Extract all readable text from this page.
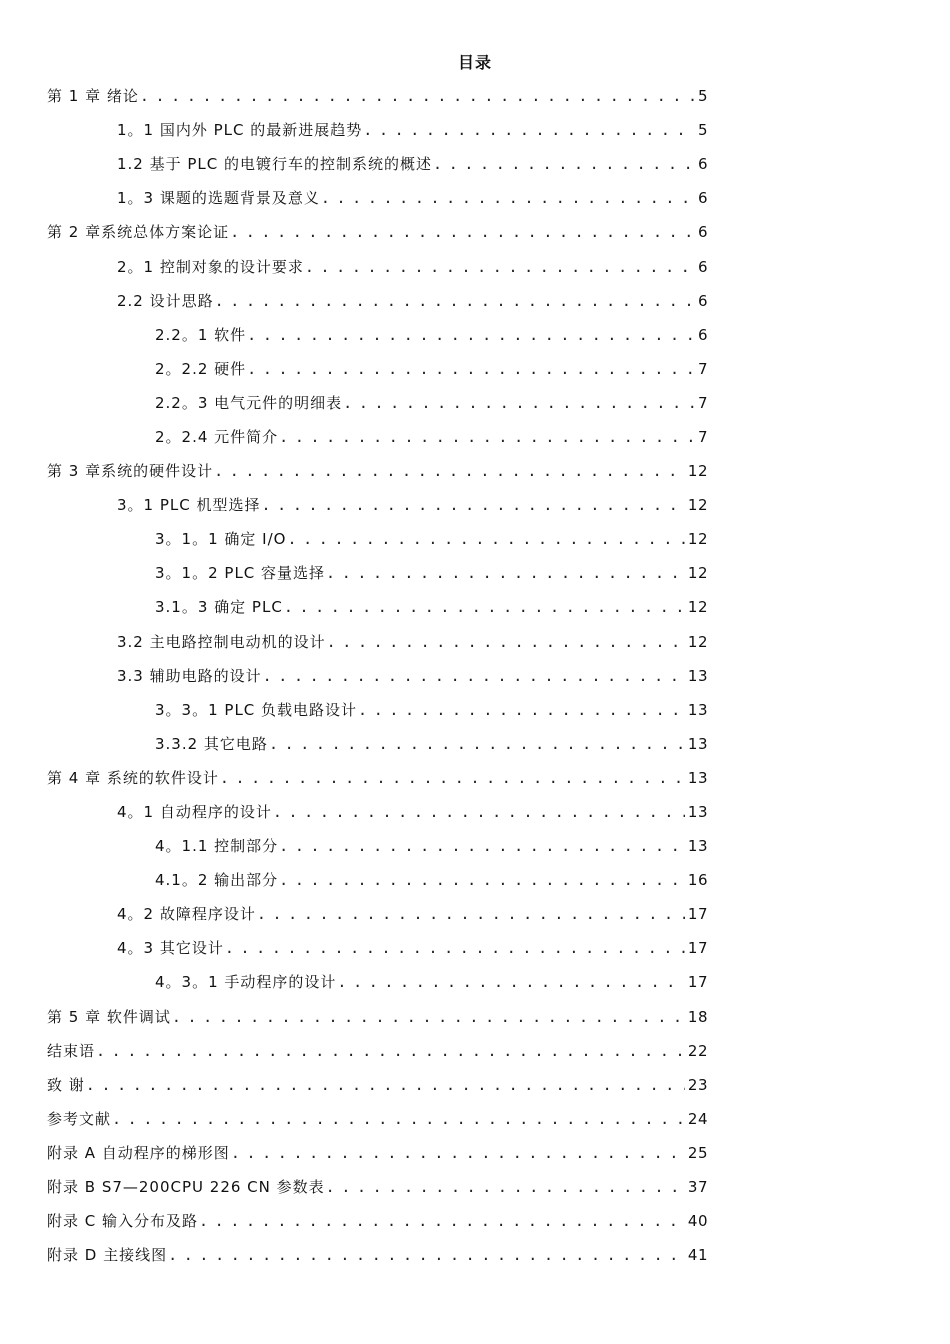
目录
第 1 章 绪论 . . .	5
1。1 国内外 PLC 的最新进展趋势 . . .	5
1.2 基于 PLC 的电镀行车的控制系统的概述 . . .	6
1。3 课题的选题背景及意义 . . .	6
第 2 章系统总体方案论证 . . .	6
2。1 控制对象的设计要求 . . .	6
2.2 设计思路 . . .	6
2.2。1 软件 . . .	6
2。2.2 硬件 . . .	7
2.2。3 电气元件的明细表 . . .	7
2。2.4 元件简介 . . .	7
第 3 章系统的硬件设计 . . .	12
3。1 PLC 机型选择 . . .	12
3。1。1 确定 I/O . . .	12
3。1。2 PLC 容量选择 . . .	12
3.1。3 确定 PLC . . .	12
3.2 主电路控制电动机的设计 . . .	12
3.3 辅助电路的设计 . . .	13
3。3。1 PLC 负载电路设计 . . .	13
3.3.2 其它电路 . . .	13
第 4 章 系统的软件设计 . . .	13
4。1 自动程序的设计 . . .	13
4。1.1 控制部分 . . .	13
4.1。2 输出部分 . . .	16
4。2 故障程序设计 . . .	17
4。3 其它设计 . . .	17
4。3。1 手动程序的设计 . . .	17
第 5 章 软件调试 . . .	18
结束语 . . .	22
致 谢 . . .	23
参考文献 . . .	24
附录 A 自动程序的梯形图 . . .	25
附录 B S7—200CPU 226 CN 参数表 . . .	37
附录 C 输入分布及路 . . .	40
附录 D 主接线图 . . .	41
